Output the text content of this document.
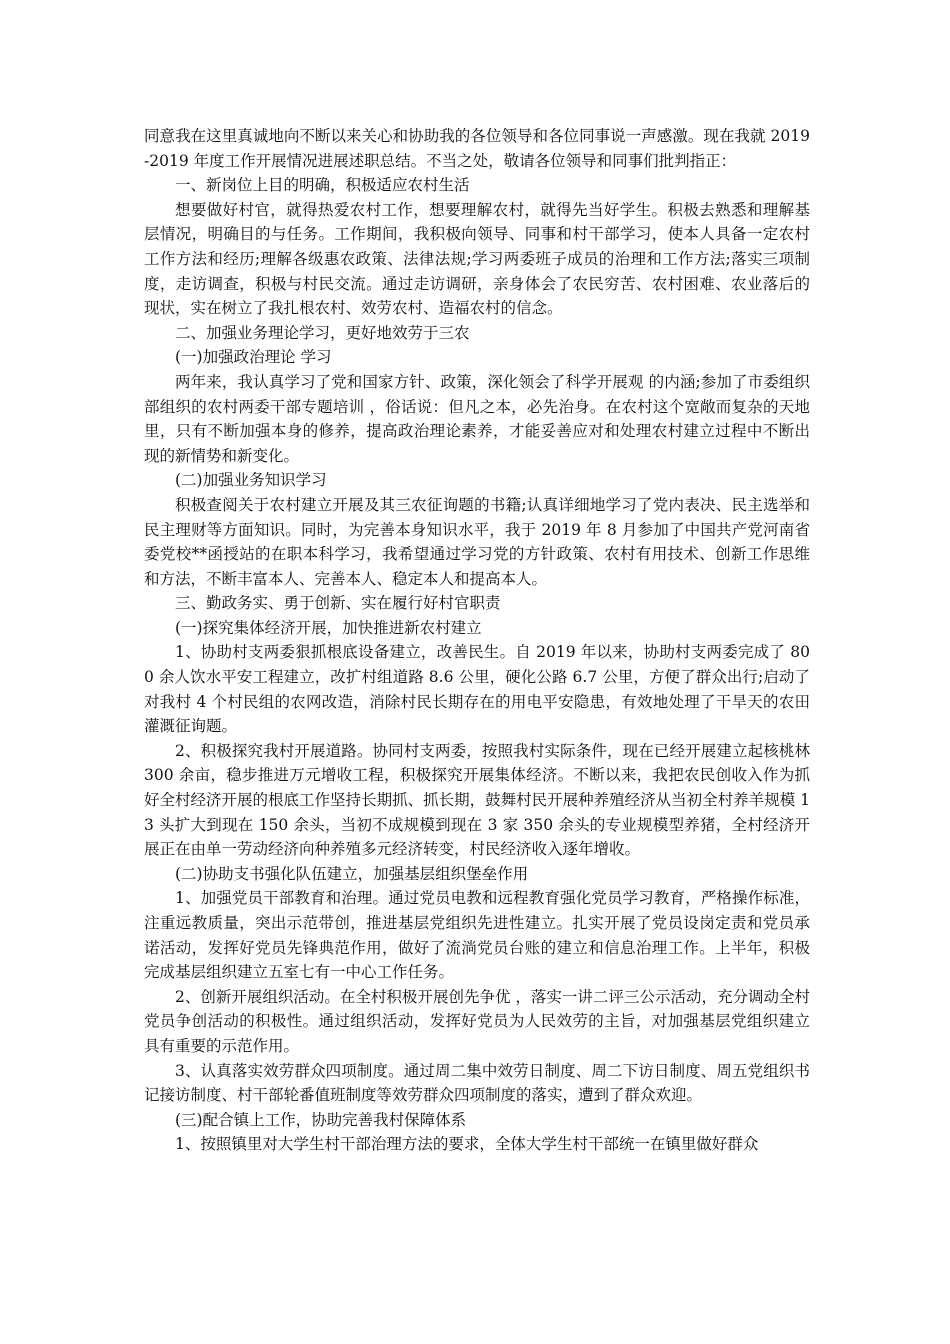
同意我在这里真诚地向不断以来关心和协助我的各位领导和各位同事说一声感激。现在我就 2019-2019 年度工作开展情况进展述职总结。不当之处，敬请各位领导和同事们批判指正：

一、新岗位上目的明确，积极适应农村生活

想要做好村官，就得热爱农村工作，想要理解农村，就得先当好学生。积极去熟悉和理解基层情况，明确目的与任务。工作期间，我积极向领导、同事和村干部学习，使本人具备一定农村工作方法和经历;理解各级惠农政策、法律法规;学习两委班子成员的治理和工作方法;落实三项制度，走访调查，积极与村民交流。通过走访调研，亲身体会了农民穷苦、农村困难、农业落后的现状，实在树立了我扎根农村、效劳农村、造福农村的信念。

二、加强业务理论学习，更好地效劳于三农

(一)加强政治理论 学习

两年来，我认真学习了党和国家方针、政策，深化领会了科学开展观 的内涵;参加了市委组织部组织的农村两委干部专题培训 ，俗话说：但凡之本，必先治身。在农村这个宽敞而复杂的天地里，只有不断加强本身的修养，提高政治理论素养，才能妥善应对和处理农村建立过程中不断出现的新情势和新变化。

(二)加强业务知识学习

积极查阅关于农村建立开展及其三农征询题的书籍;认真详细地学习了党内表决、民主选举和民主理财等方面知识。同时，为完善本身知识水平，我于 2019 年 8 月参加了中国共产党河南省委党校**函授站的在职本科学习，我希望通过学习党的方针政策、农村有用技术、创新工作思维和方法，不断丰富本人、完善本人、稳定本人和提高本人。

三、勤政务实、勇于创新、实在履行好村官职责

(一)探究集体经济开展，加快推进新农村建立

1、协助村支两委狠抓根底设备建立，改善民生。自 2019 年以来，协助村支两委完成了 800 余人饮水平安工程建立，改扩村组道路 8.6 公里，硬化公路 6.7 公里，方便了群众出行;启动了对我村 4 个村民组的农网改造，消除村民长期存在的用电平安隐患，有效地处理了干旱天的农田灌溉征询题。

2、积极探究我村开展道路。协同村支两委，按照我村实际条件，现在已经开展建立起核桃林 300 余亩，稳步推进万元增收工程，积极探究开展集体经济。不断以来，我把农民创收入作为抓好全村经济开展的根底工作坚持长期抓、抓长期，鼓舞村民开展种养殖经济从当初全村养羊规模 13 头扩大到现在 150 余头，当初不成规模到现在 3 家 350 余头的专业规模型养猪，全村经济开展正在由单一劳动经济向种养殖多元经济转变，村民经济收入逐年增收。

(二)协助支书强化队伍建立，加强基层组织堡垒作用

1、加强党员干部教育和治理。通过党员电教和远程教育强化党员学习教育，严格操作标准，注重远教质量，突出示范带创，推进基层党组织先进性建立。扎实开展了党员设岗定责和党员承诺活动，发挥好党员先锋典范作用，做好了流淌党员台账的建立和信息治理工作。上半年，积极完成基层组织建立五室七有一中心工作任务。

2、创新开展组织活动。在全村积极开展创先争优 ，落实一讲二评三公示活动，充分调动全村党员争创活动的积极性。通过组织活动，发挥好党员为人民效劳的主旨，对加强基层党组织建立具有重要的示范作用。

3、认真落实效劳群众四项制度。通过周二集中效劳日制度、周二下访日制度、周五党组织书记接访制度、村干部轮番值班制度等效劳群众四项制度的落实，遭到了群众欢迎。

(三)配合镇上工作，协助完善我村保障体系

1、按照镇里对大学生村干部治理方法的要求，全体大学生村干部统一在镇里做好群众
